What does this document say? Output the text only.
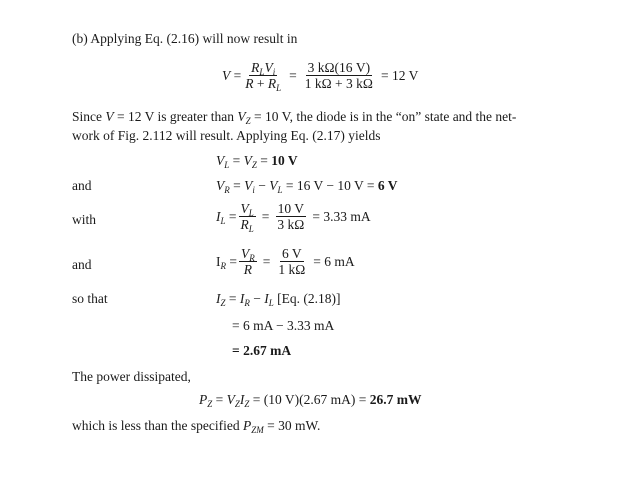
(b) Applying Eq. (2.16) will now result in
$V = \frac{R_LV_i}{R + R_L} = \frac{3 k\Omega(16 V)}{1 k\Omega + 3 k\Omega} = 12$ V
Since V = 12 V is greater than $V_Z = 10$ V, the diode is in the “on” state and the net-
work of Fig. 2.112 will result. Applying Eq. (2.17) yields
$V_L = V_Z = 10$ V
and	$V_R = V_i - V_L = 16$ V − 10 V = 6 V
with	$I_L = \frac{V_L}{R_L} = \frac{10 V}{3 k\Omega} = 3.33$ mA
and	$I_R = \frac{V_R}{R} = \frac{6 V}{1 k\Omega} = 6$ mA
so that	$I_Z = I_R - I_L$ [Eq. (2.18)]
= 6 mA − 3.33 mA
= 2.67 mA
The power dissipated,
$P_Z = V_ZI_Z = (10$ V)(2.67 mA) = 26.7 mW
which is less than the specified $P_{ZM} = 30$ mW.
